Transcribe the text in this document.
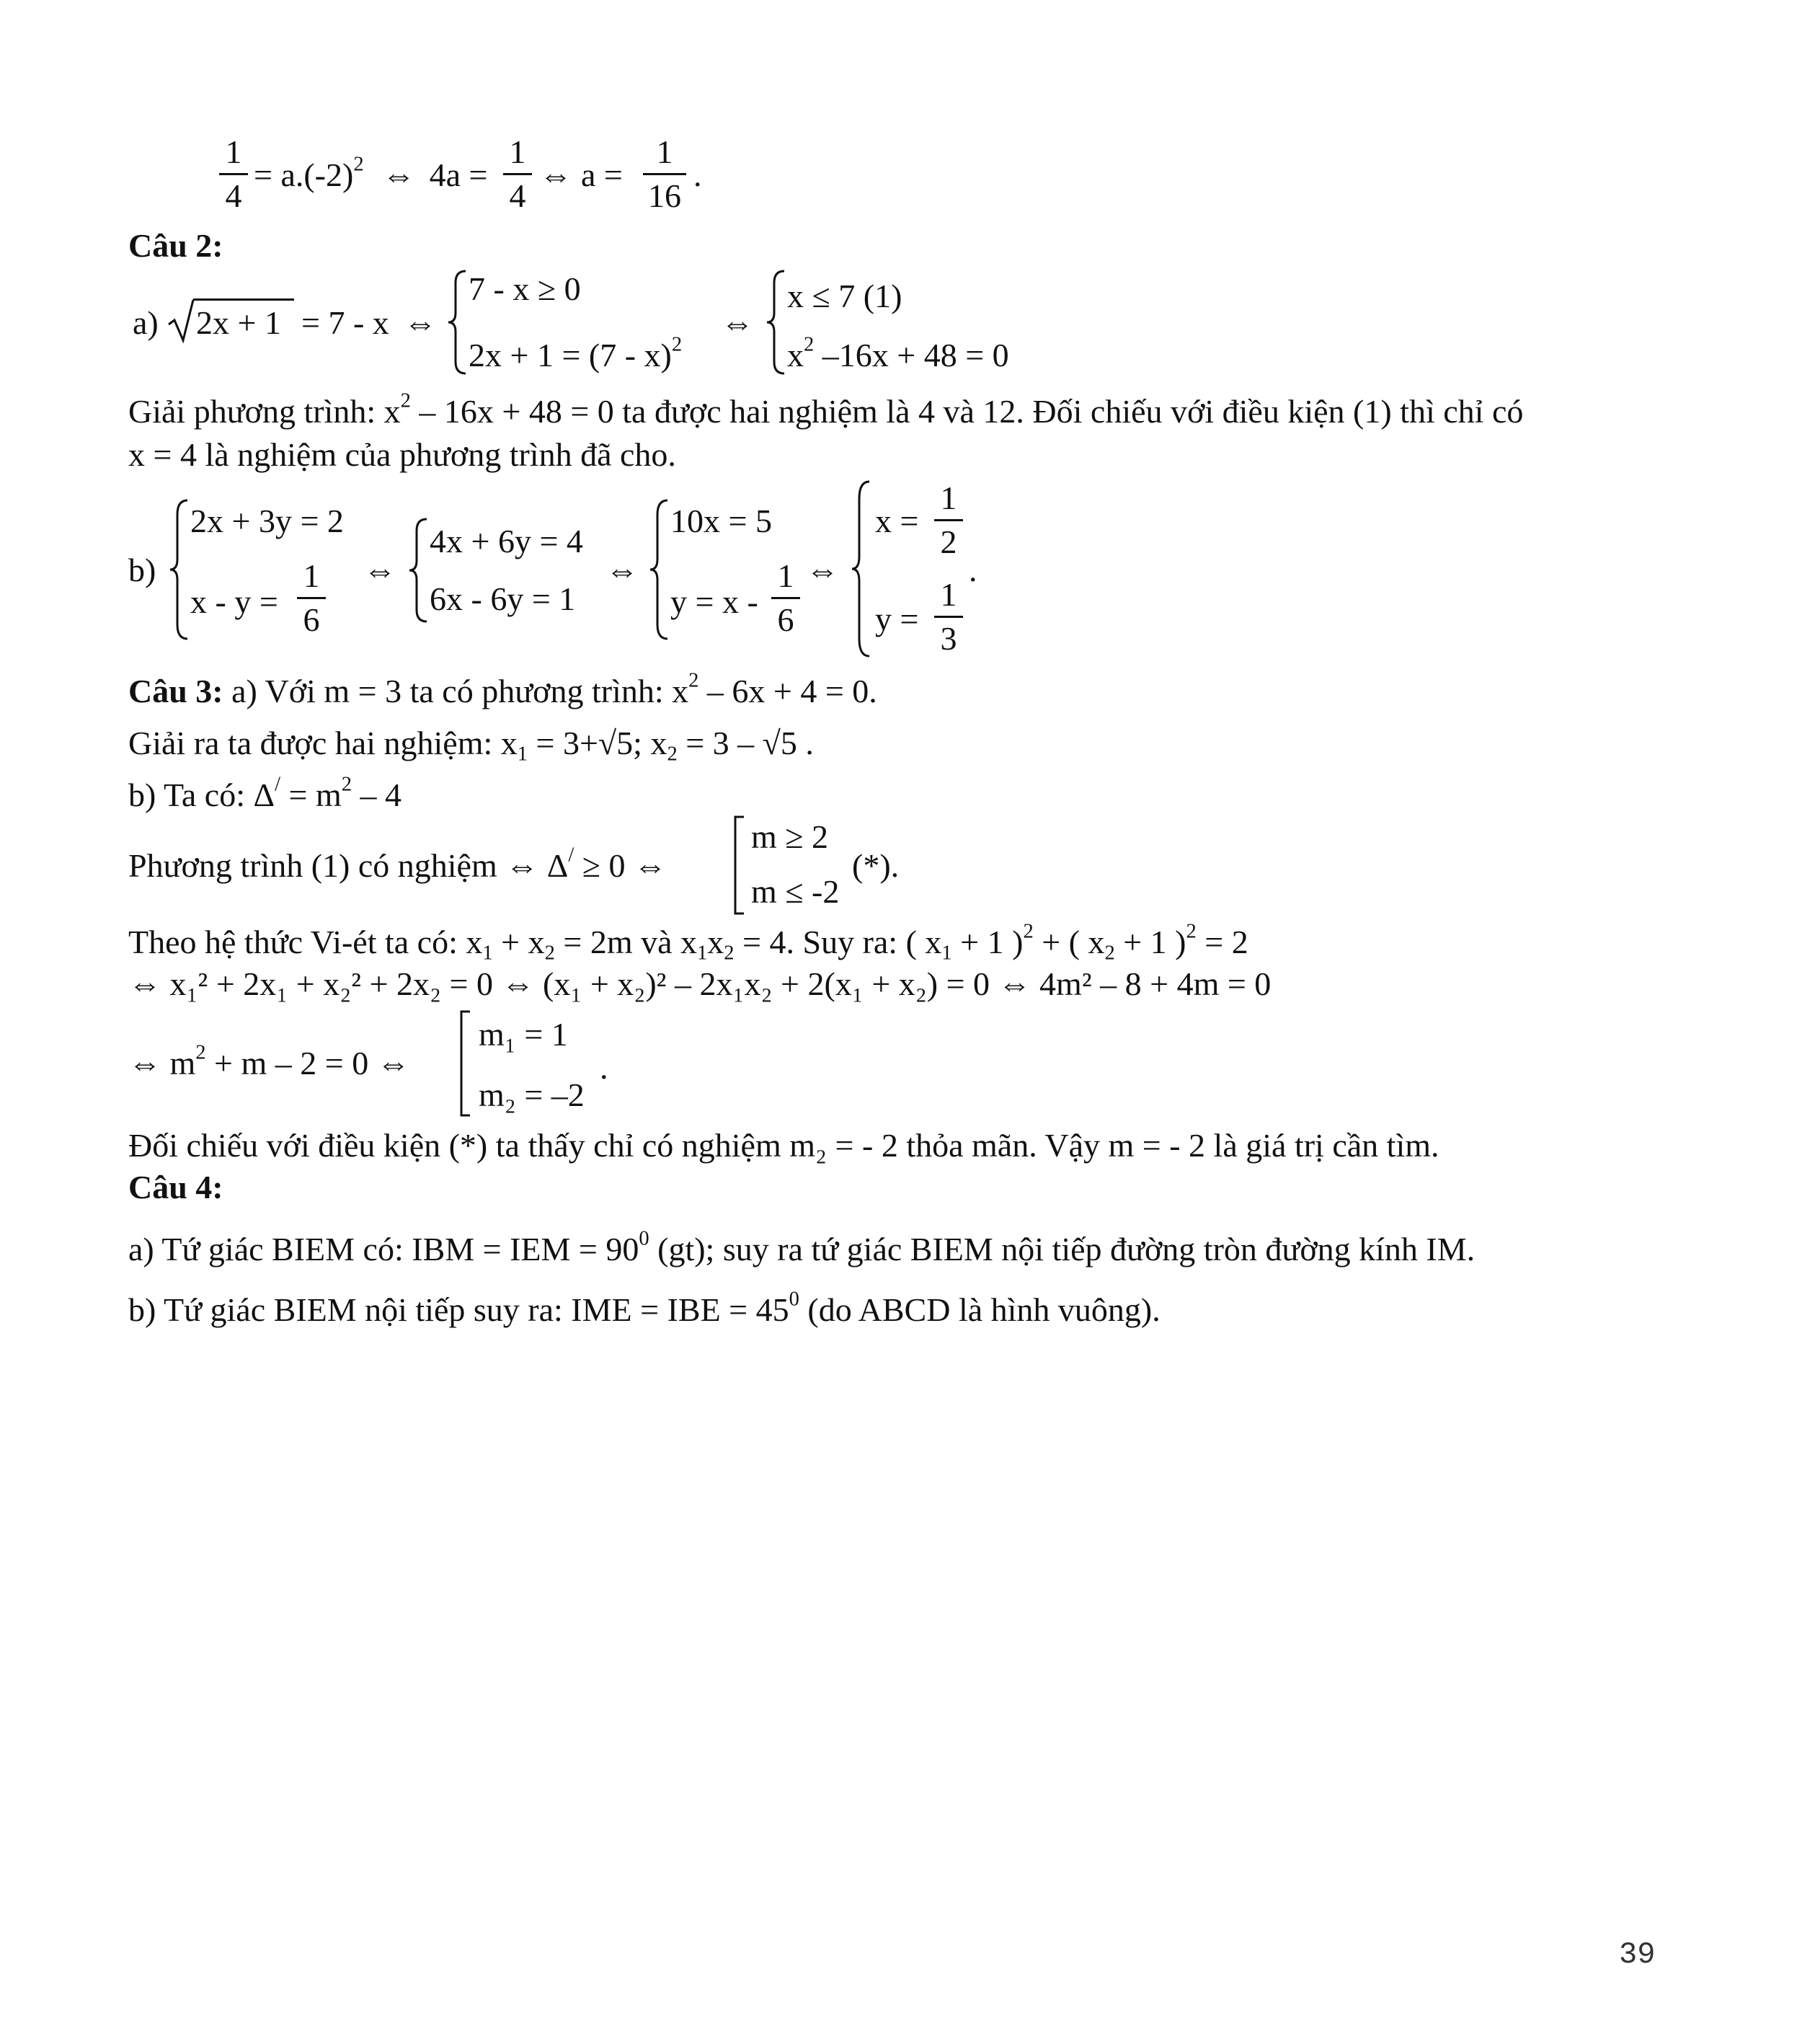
1
4
= $a.(-2)^2$ ⇔ 4a =
1
4
⇔ a =
1
16
.
Câu 2:
a) 2x + 1 = 7 - x ⇔
7 - x ≥ 0
2x + 1 = (7 - x)$^2$
⇔
x ≤ 7 (1)
$x^2$ –16x + 48 = 0
Giải phương trình: $x^2 - 16x + 48 = 0$ ta được hai nghiệm là 4 và 12. Đối chiếu với điều kiện (1) thì chỉ có
x = 4 là nghiệm của phương trình đã cho.
b)
2x + 3y = 2
x - y =
1
6
⇔
4x + 6y = 4
6x - 6y = 1
⇔
10x = 5
y = x -
1
6
⇔
x =
1
2
y =
1
3
.
Câu 3: a) Với m = 3 ta có phương trình: $x^2 - 6x + 4 = 0$.
Giải ra ta được hai nghiệm: $x_1 = 3+√5$; $x_2 = 3 - √5$ .
b) Ta có: $\Delta^/ = m^2 - 4$
Phương trình (1) có nghiệm ⇔ Δ/ ≥ 0 ⇔
m ≥ 2
m ≤ -2
(*).
Theo hệ thức Vi-ét ta có: $x_1 + x_2 = 2m$ và $x_1x_2 = 4$. Suy ra: ( $x_1 + 1$ )$^2$ + ( $x_2 + 1$ )$^2$ = 2
⇔ x₁² + 2x₁ + x₂² + 2x₂ = 0 ⇔ (x₁ + x₂)² – 2x₁x₂ + 2(x₁ + x₂) = 0 ⇔ 4m² – 8 + 4m = 0
⇔ $m^2 + m - 2 = 0$ ⇔
m₁ = 1
m₂ = –2
.
Đối chiếu với điều kiện (*) ta thấy chỉ có nghiệm m₂ = - 2 thỏa mãn. Vậy m = - 2 là giá trị cần tìm.
Câu 4:
a) Tứ giác BIEM có: IBM = IEM = $90^0$ (gt); suy ra tứ giác BIEM nội tiếp đường tròn đường kính IM.
b) Tứ giác BIEM nội tiếp suy ra: IME = IBE = $45^0$ (do ABCD là hình vuông).
39
